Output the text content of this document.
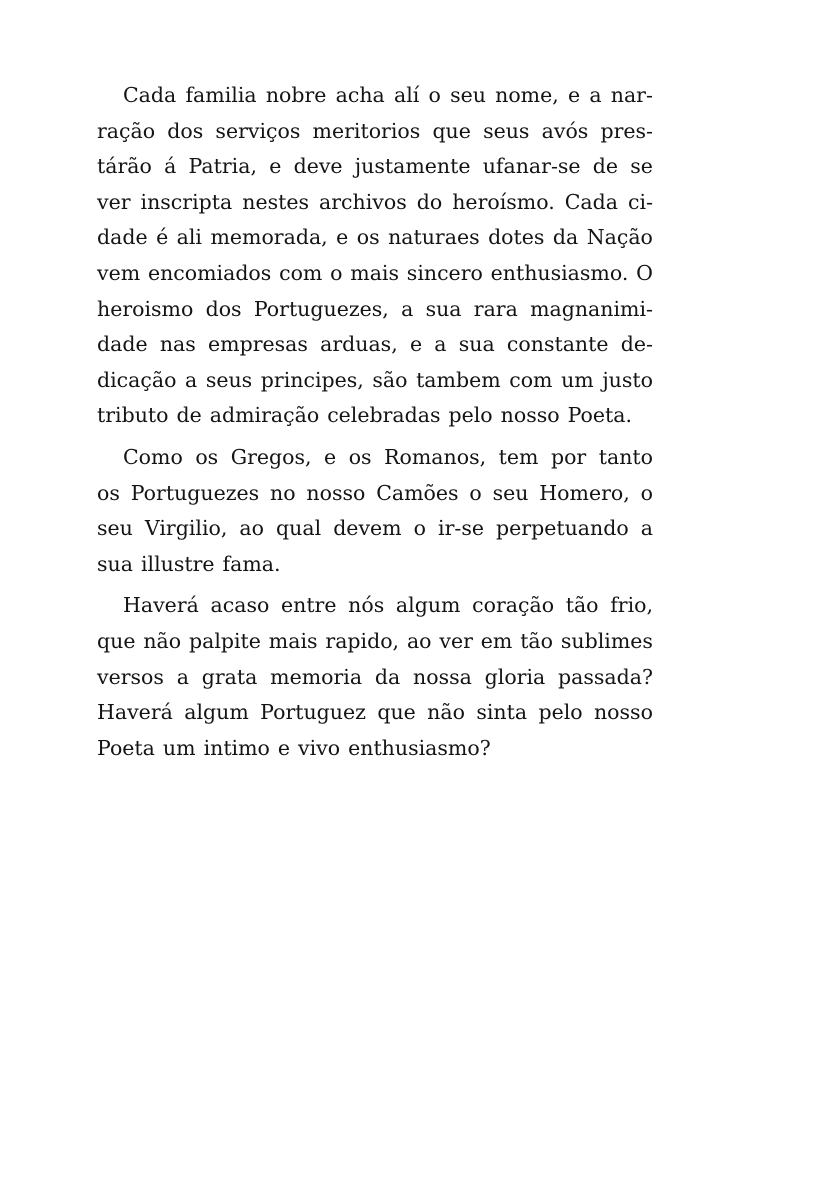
Cada familia nobre acha alí o seu nome, e a nar-
ração dos serviços meritorios que seus avós pres-
tárão á Patria, e deve justamente ufanar-se de se
ver inscripta nestes archivos do heroísmo. Cada ci-
dade é ali memorada, e os naturaes dotes da Nação
vem encomiados com o mais sincero enthusiasmo. O
heroismo dos Portuguezes, a sua rara magnanimi-
dade nas empresas arduas, e a sua constante de-
dicação a seus principes, são tambem com um justo
tributo de admiração celebradas pelo nosso Poeta.
Como os Gregos, e os Romanos, tem por tanto
os Portuguezes no nosso Camões o seu Homero, o
seu Virgilio, ao qual devem o ir-se perpetuando a
sua illustre fama.
Haverá acaso entre nós algum coração tão frio,
que não palpite mais rapido, ao ver em tão sublimes
versos a grata memoria da nossa gloria passada?
Haverá algum Portuguez que não sinta pelo nosso
Poeta um intimo e vivo enthusiasmo?
